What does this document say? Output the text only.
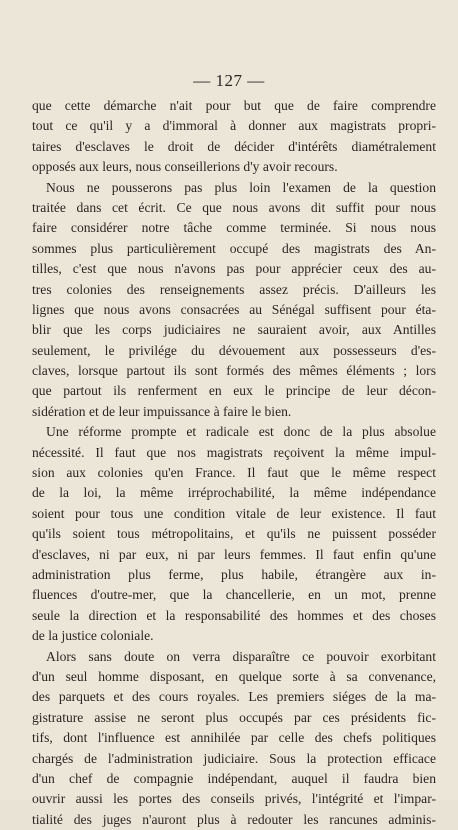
— 127 —
que cette démarche n'ait pour but que de faire comprendre
tout ce qu'il y a d'immoral à donner aux magistrats propri-
taires d'esclaves le droit de décider d'intérêts diamétralement
opposés aux leurs, nous conseillerions d'y avoir recours.
Nous ne pousserons pas plus loin l'examen de la question
traitée dans cet écrit. Ce que nous avons dit suffit pour nous
faire considérer notre tâche comme terminée. Si nous nous
sommes plus particulièrement occupé des magistrats des An-
tilles, c'est que nous n'avons pas pour apprécier ceux des au-
tres colonies des renseignements assez précis. D'ailleurs les
lignes que nous avons consacrées au Sénégal suffisent pour éta-
blir que les corps judiciaires ne sauraient avoir, aux Antilles
seulement, le privilége du dévouement aux possesseurs d'es-
claves, lorsque partout ils sont formés des mêmes éléments ; lors
que partout ils renferment en eux le principe de leur décon-
sidération et de leur impuissance à faire le bien.
Une réforme prompte et radicale est donc de la plus absolue
nécessité. Il faut que nos magistrats reçoivent la même impul-
sion aux colonies qu'en France. Il faut que le même respect
de la loi, la même irréprochabilité, la même indépendance
soient pour tous une condition vitale de leur existence. Il faut
qu'ils soient tous métropolitains, et qu'ils ne puissent posséder
d'esclaves, ni par eux, ni par leurs femmes. Il faut enfin qu'une
administration plus ferme, plus habile, étrangère aux in-
fluences d'outre-mer, que la chancellerie, en un mot, prenne
seule la direction et la responsabilité des hommes et des choses
de la justice coloniale.
Alors sans doute on verra disparaître ce pouvoir exorbitant
d'un seul homme disposant, en quelque sorte à sa convenance,
des parquets et des cours royales. Les premiers siéges de la ma-
gistrature assise ne seront plus occupés par ces présidents fic-
tifs, dont l'influence est annihilée par celle des chefs politiques
chargés de l'administration judiciaire. Sous la protection efficace
d'un chef de compagnie indépendant, auquel il faudra bien
ouvrir aussi les portes des conseils privés, l'intégrité et l'impar-
tialité des juges n'auront plus à redouter les rancunes adminis-
